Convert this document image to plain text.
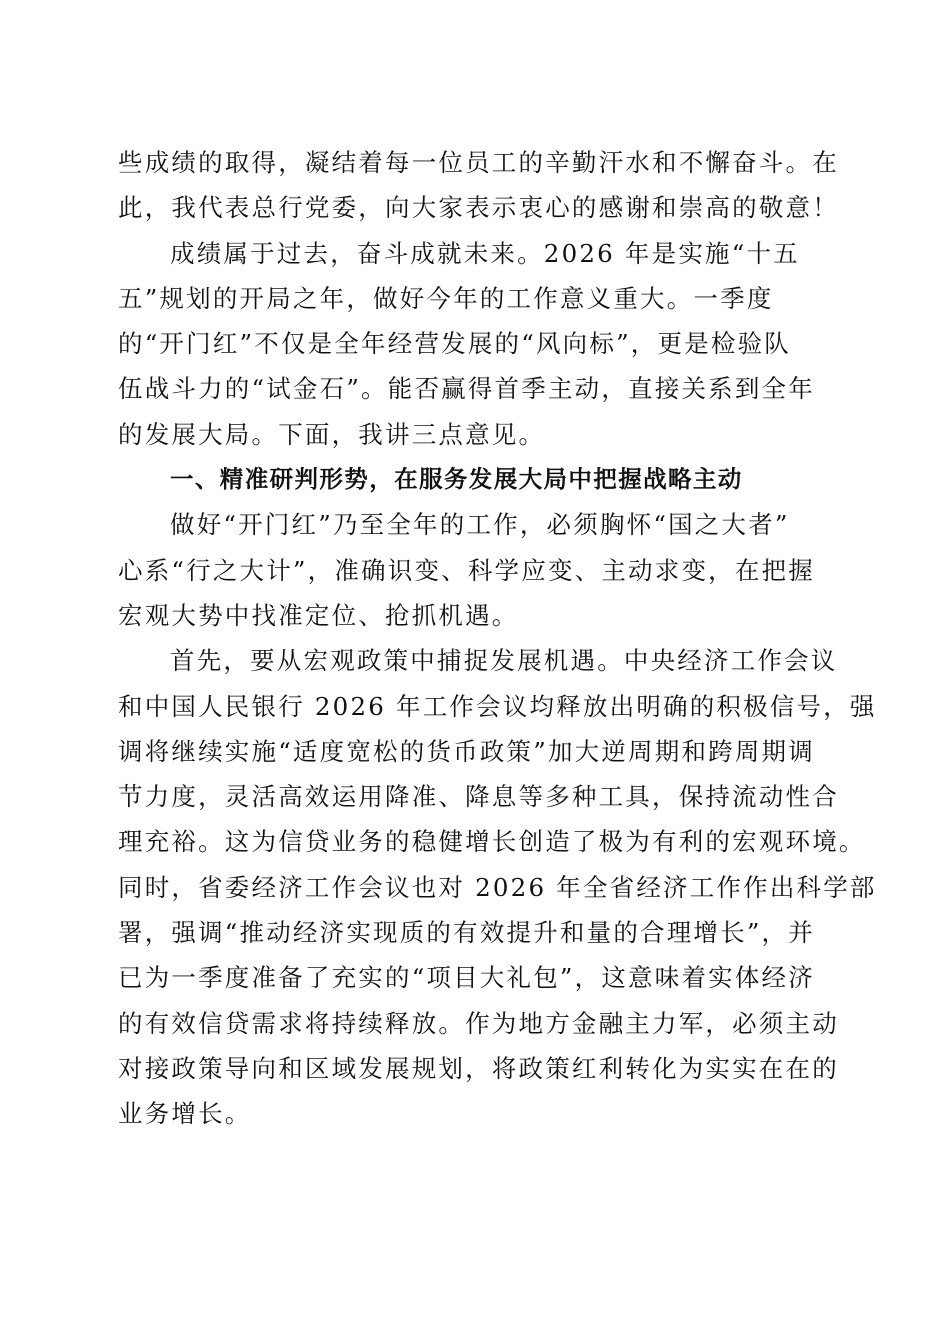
些成绩的取得，凝结着每一位员工的辛勤汗水和不懈奋斗。在
此，我代表总行党委，向大家表示衷心的感谢和崇高的敬意！
成绩属于过去，奋斗成就未来。2026 年是实施“十五
五”规划的开局之年，做好今年的工作意义重大。一季度
的“开门红”不仅是全年经营发展的“风向标”，更是检验队
伍战斗力的“试金石”。能否赢得首季主动，直接关系到全年
的发展大局。下面，我讲三点意见。
一、精准研判形势，在服务发展大局中把握战略主动
做好“开门红”乃至全年的工作，必须胸怀“国之大者”
心系“行之大计”，准确识变、科学应变、主动求变，在把握
宏观大势中找准定位、抢抓机遇。
首先，要从宏观政策中捕捉发展机遇。中央经济工作会议
和中国人民银行 2026 年工作会议均释放出明确的积极信号，强
调将继续实施“适度宽松的货币政策”加大逆周期和跨周期调
节力度，灵活高效运用降准、降息等多种工具，保持流动性合
理充裕。这为信贷业务的稳健增长创造了极为有利的宏观环境。
同时，省委经济工作会议也对 2026 年全省经济工作作出科学部
署，强调“推动经济实现质的有效提升和量的合理增长”，并
已为一季度准备了充实的“项目大礼包”，这意味着实体经济
的有效信贷需求将持续释放。作为地方金融主力军，必须主动
对接政策导向和区域发展规划，将政策红利转化为实实在在的
业务增长。
